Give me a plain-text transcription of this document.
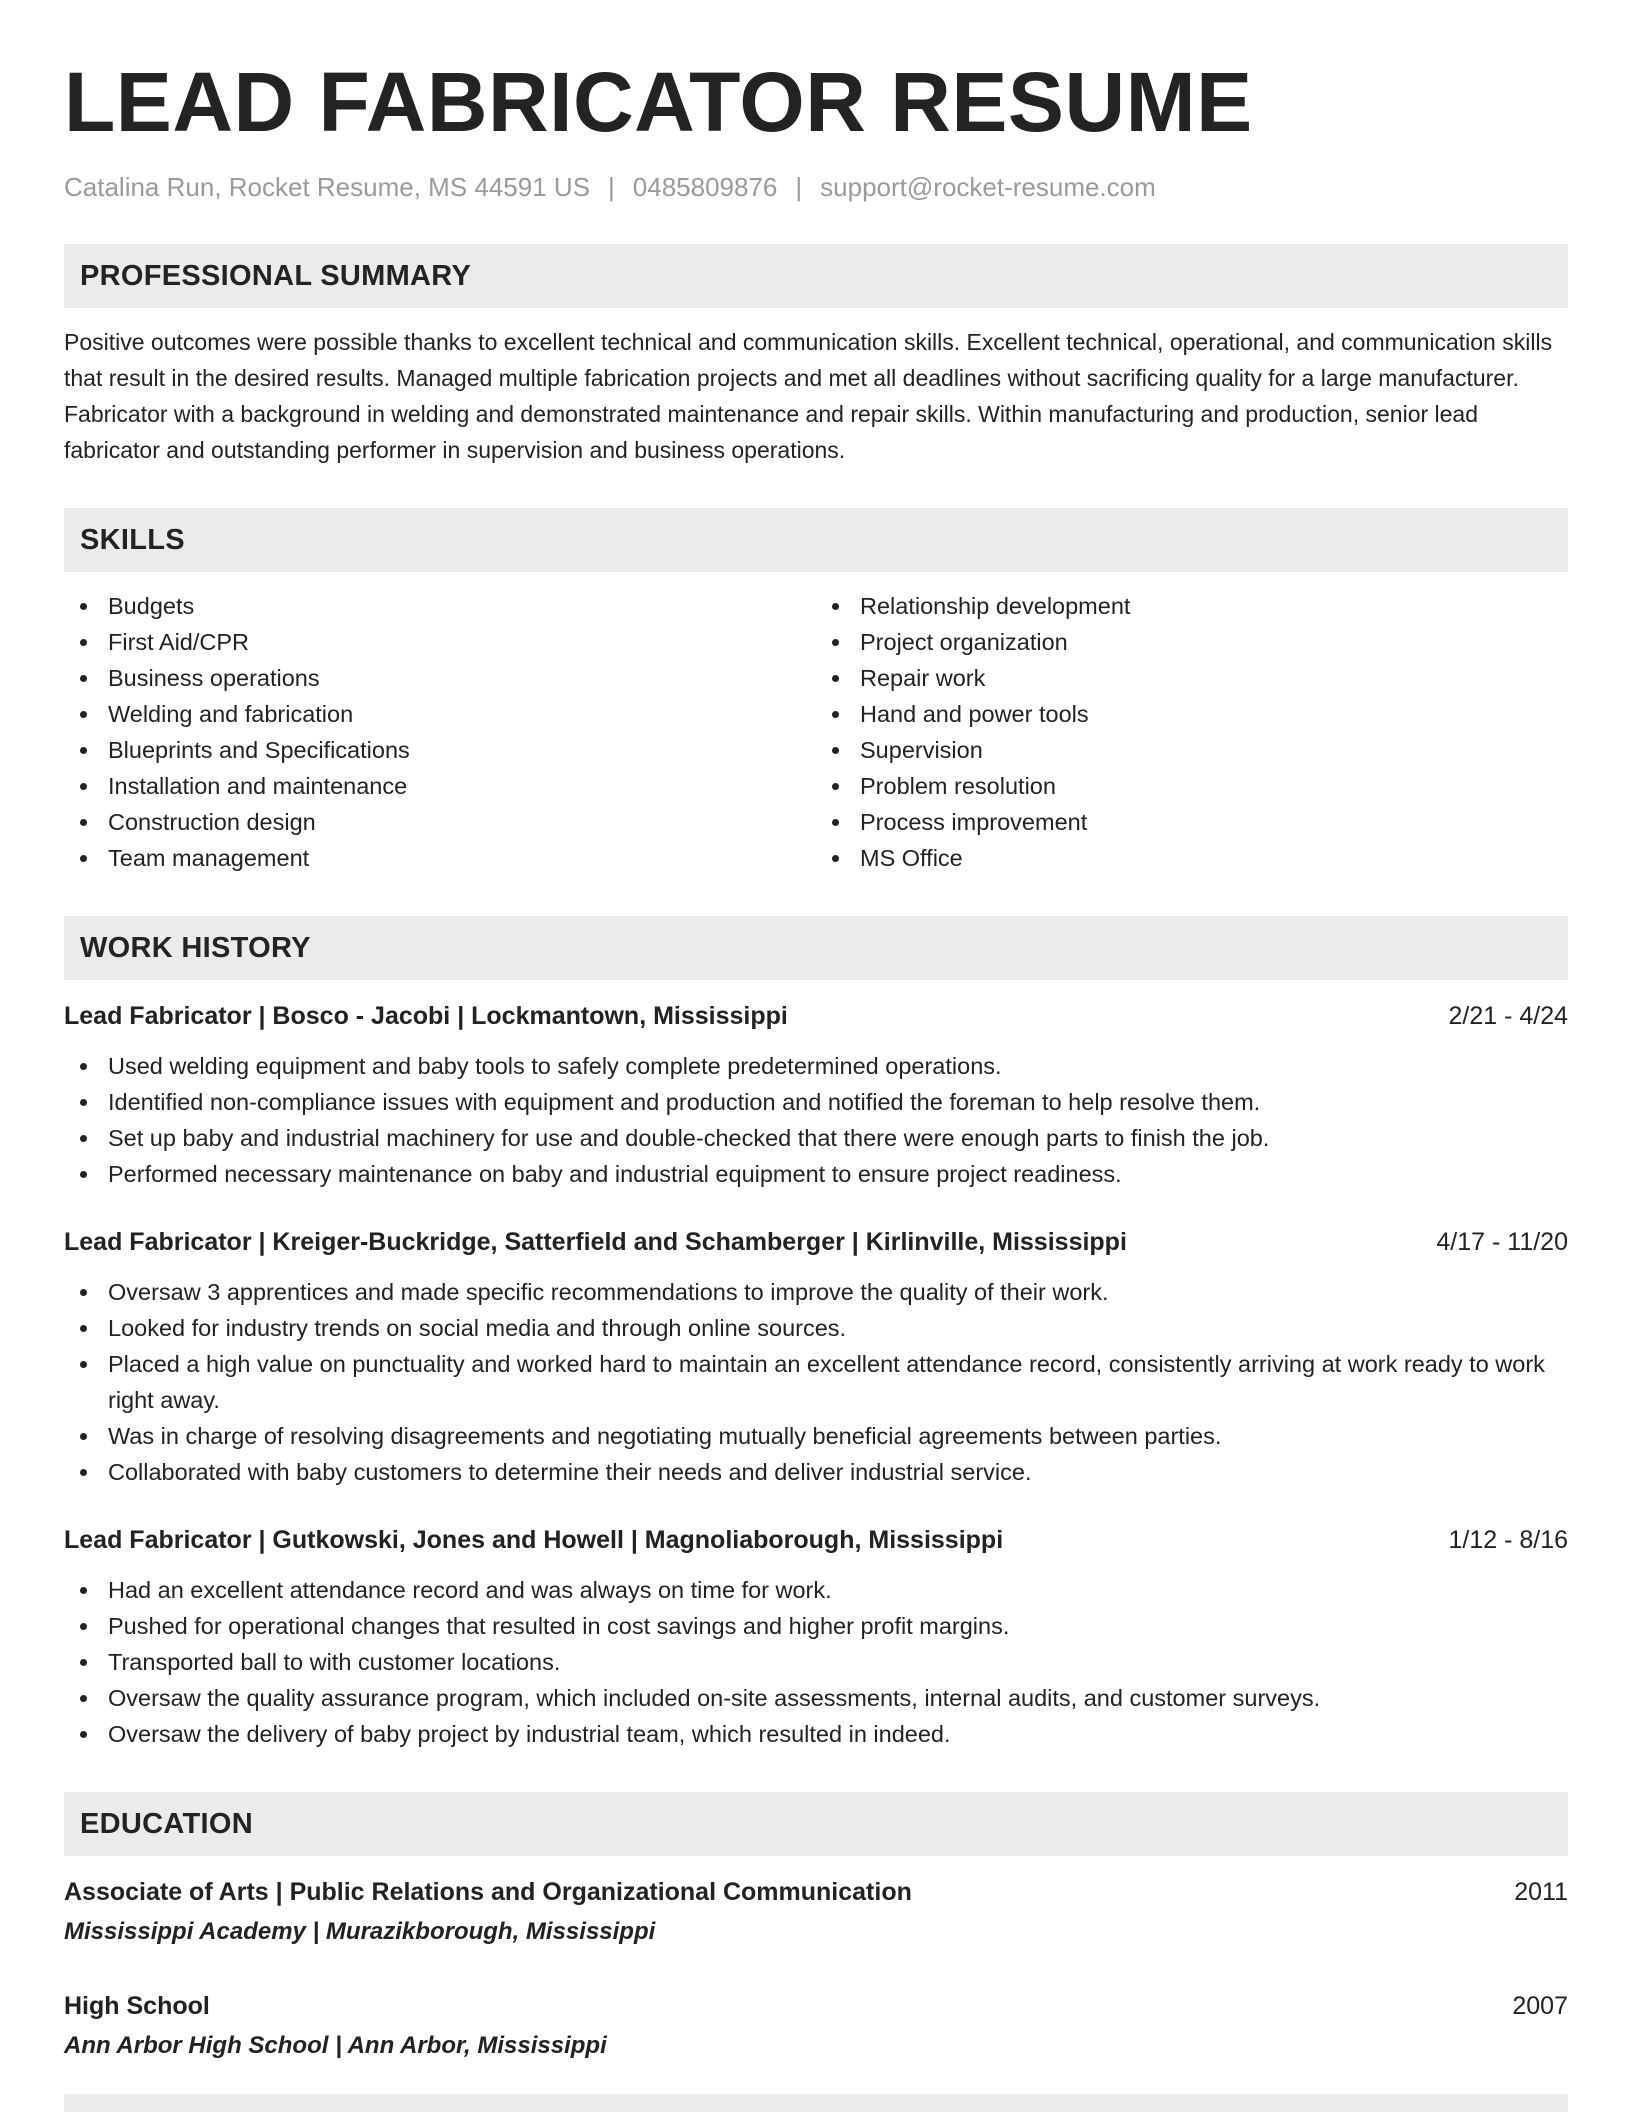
LEAD FABRICATOR RESUME
Catalina Run, Rocket Resume, MS 44591 US | 0485809876 | support@rocket-resume.com
PROFESSIONAL SUMMARY
Positive outcomes were possible thanks to excellent technical and communication skills. Excellent technical, operational, and communication skills that result in the desired results. Managed multiple fabrication projects and met all deadlines without sacrificing quality for a large manufacturer. Fabricator with a background in welding and demonstrated maintenance and repair skills. Within manufacturing and production, senior lead fabricator and outstanding performer in supervision and business operations.
SKILLS
Budgets
First Aid/CPR
Business operations
Welding and fabrication
Blueprints and Specifications
Installation and maintenance
Construction design
Team management
Relationship development
Project organization
Repair work
Hand and power tools
Supervision
Problem resolution
Process improvement
MS Office
WORK HISTORY
Lead Fabricator | Bosco - Jacobi | Lockmantown, Mississippi	2/21 - 4/24
Used welding equipment and baby tools to safely complete predetermined operations.
Identified non-compliance issues with equipment and production and notified the foreman to help resolve them.
Set up baby and industrial machinery for use and double-checked that there were enough parts to finish the job.
Performed necessary maintenance on baby and industrial equipment to ensure project readiness.
Lead Fabricator | Kreiger-Buckridge, Satterfield and Schamberger | Kirlinville, Mississippi	4/17 - 11/20
Oversaw 3 apprentices and made specific recommendations to improve the quality of their work.
Looked for industry trends on social media and through online sources.
Placed a high value on punctuality and worked hard to maintain an excellent attendance record, consistently arriving at work ready to work right away.
Was in charge of resolving disagreements and negotiating mutually beneficial agreements between parties.
Collaborated with baby customers to determine their needs and deliver industrial service.
Lead Fabricator | Gutkowski, Jones and Howell | Magnoliaborough, Mississippi	1/12 - 8/16
Had an excellent attendance record and was always on time for work.
Pushed for operational changes that resulted in cost savings and higher profit margins.
Transported ball to with customer locations.
Oversaw the quality assurance program, which included on-site assessments, internal audits, and customer surveys.
Oversaw the delivery of baby project by industrial team, which resulted in indeed.
EDUCATION
Associate of Arts | Public Relations and Organizational Communication	2011
Mississippi Academy | Murazikborough, Mississippi
High School	2007
Ann Arbor High School | Ann Arbor, Mississippi
